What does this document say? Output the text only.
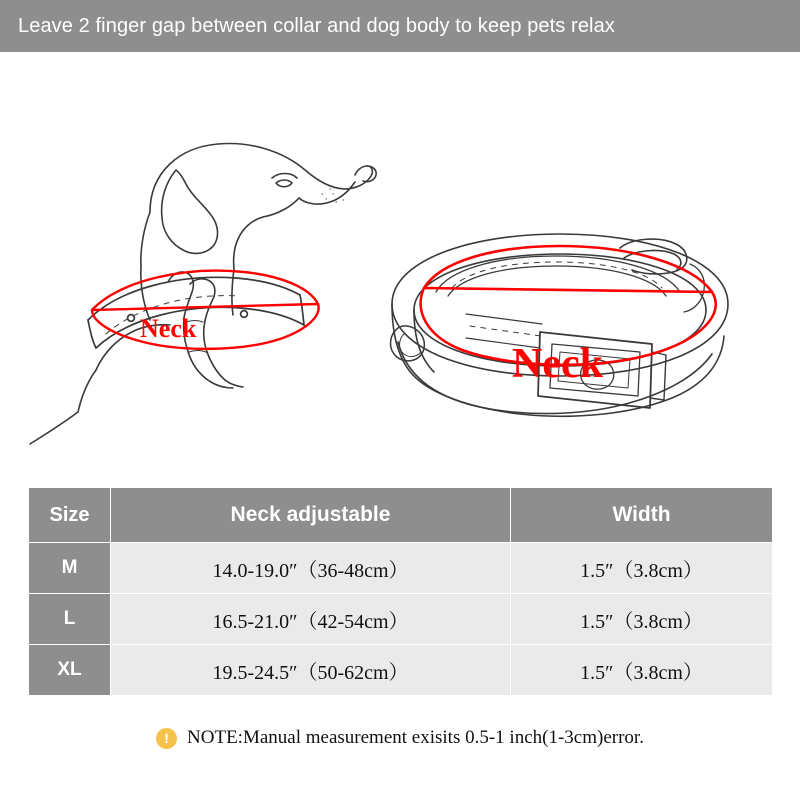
Leave 2 finger gap between collar and dog body to keep pets relax
Neck
Neck
Size	Neck adjustable	Width
M	14.0-19.0″（36-48cm）	1.5″（3.8cm）
L	16.5-21.0″（42-54cm）	1.5″（3.8cm）
XL	19.5-24.5″（50-62cm）	1.5″（3.8cm）
! NOTE:Manual measurement exisits 0.5-1 inch(1-3cm)error.
